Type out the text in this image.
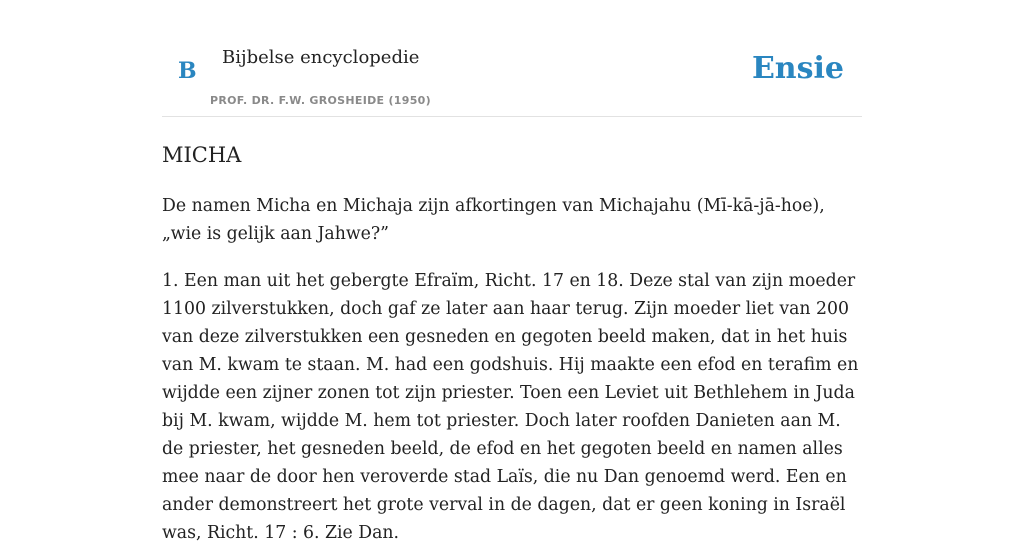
B
Bijbelse encyclopedie
PROF. DR. F.W. GROSHEIDE (1950)
Ensie
MICHA

De namen Micha en Michaja zijn afkortingen van Michajahu (Mī-kā-jā-hoe), „wie is gelijk aan Jahwe?”

1. Een man uit het gebergte Efraïm, Richt. 17 en 18. Deze stal van zijn moeder 1100 zilverstukken, doch gaf ze later aan haar terug. Zijn moeder liet van 200 van deze zilverstukken een gesneden en gegoten beeld maken, dat in het huis van M. kwam te staan. M. had een godshuis. Hij maakte een efod en terafim en wijdde een zijner zonen tot zijn priester. Toen een Leviet uit Bethlehem in Juda bij M. kwam, wijdde M. hem tot priester. Doch later roofden Danieten aan M. de priester, het gesneden beeld, de efod en het gegoten beeld en namen alles mee naar de door hen veroverde stad Laïs, die nu Dan genoemd werd. Een en ander demonstreert het grote verval in de dagen, dat er geen koning in Israël was, Richt. 17 : 6. Zie Dan.
